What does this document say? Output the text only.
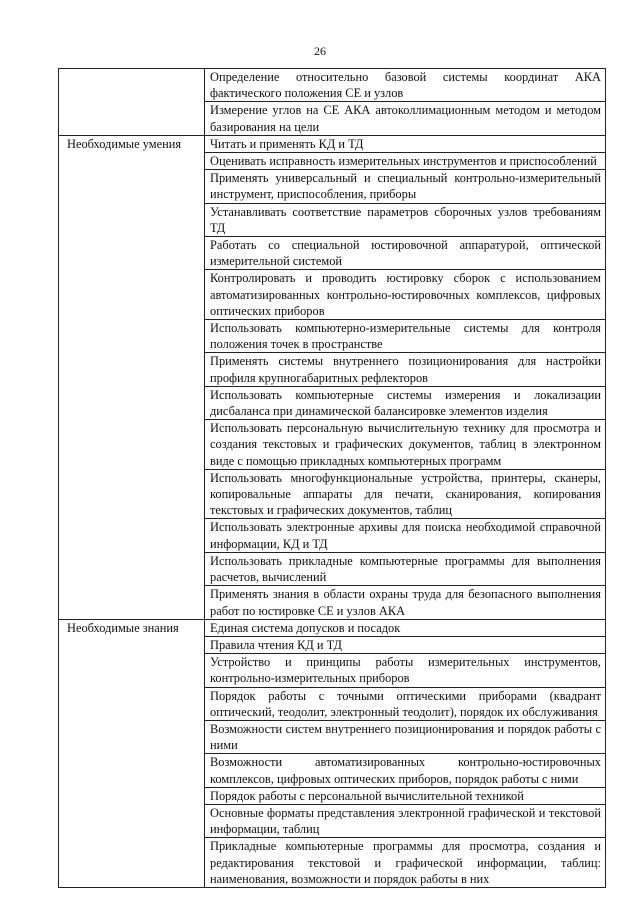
26
	Определение относительно базовой системы координат АКА фактического положения СЕ и узлов
	Измерение углов на СЕ АКА автоколлимационным методом и методом базирования на цели
Необходимые умения	Читать и применять КД и ТД
	Оценивать исправность измерительных инструментов и приспособлений
	Применять универсальный и специальный контрольно-измерительный инструмент, приспособления, приборы
	Устанавливать соответствие параметров сборочных узлов требованиям ТД
	Работать со специальной юстировочной аппаратурой, оптической измерительной системой
	Контролировать и проводить юстировку сборок с использованием автоматизированных контрольно-юстировочных комплексов, цифровых оптических приборов
	Использовать компьютерно-измерительные системы для контроля положения точек в пространстве
	Применять системы внутреннего позиционирования для настройки профиля крупногабаритных рефлекторов
	Использовать компьютерные системы измерения и локализации дисбаланса при динамической балансировке элементов изделия
	Использовать персональную вычислительную технику для просмотра и создания текстовых и графических документов, таблиц в электронном виде с помощью прикладных компьютерных программ
	Использовать многофункциональные устройства, принтеры, сканеры, копировальные аппараты для печати, сканирования, копирования текстовых и графических документов, таблиц
	Использовать электронные архивы для поиска необходимой справочной информации, КД и ТД
	Использовать прикладные компьютерные программы для выполнения расчетов, вычислений
	Применять знания в области охраны труда для безопасного выполнения работ по юстировке СЕ и узлов АКА
Необходимые знания	Единая система допусков и посадок
	Правила чтения КД и ТД
	Устройство и принципы работы измерительных инструментов, контрольно-измерительных приборов
	Порядок работы с точными оптическими приборами (квадрант оптический, теодолит, электронный теодолит), порядок их обслуживания
	Возможности систем внутреннего позиционирования и порядок работы с ними
	Возможности автоматизированных контрольно-юстировочных комплексов, цифровых оптических приборов, порядок работы с ними
	Порядок работы с персональной вычислительной техникой
	Основные форматы представления электронной графической и текстовой информации, таблиц
	Прикладные компьютерные программы для просмотра, создания и редактирования текстовой и графической информации, таблиц: наименования, возможности и порядок работы в них
